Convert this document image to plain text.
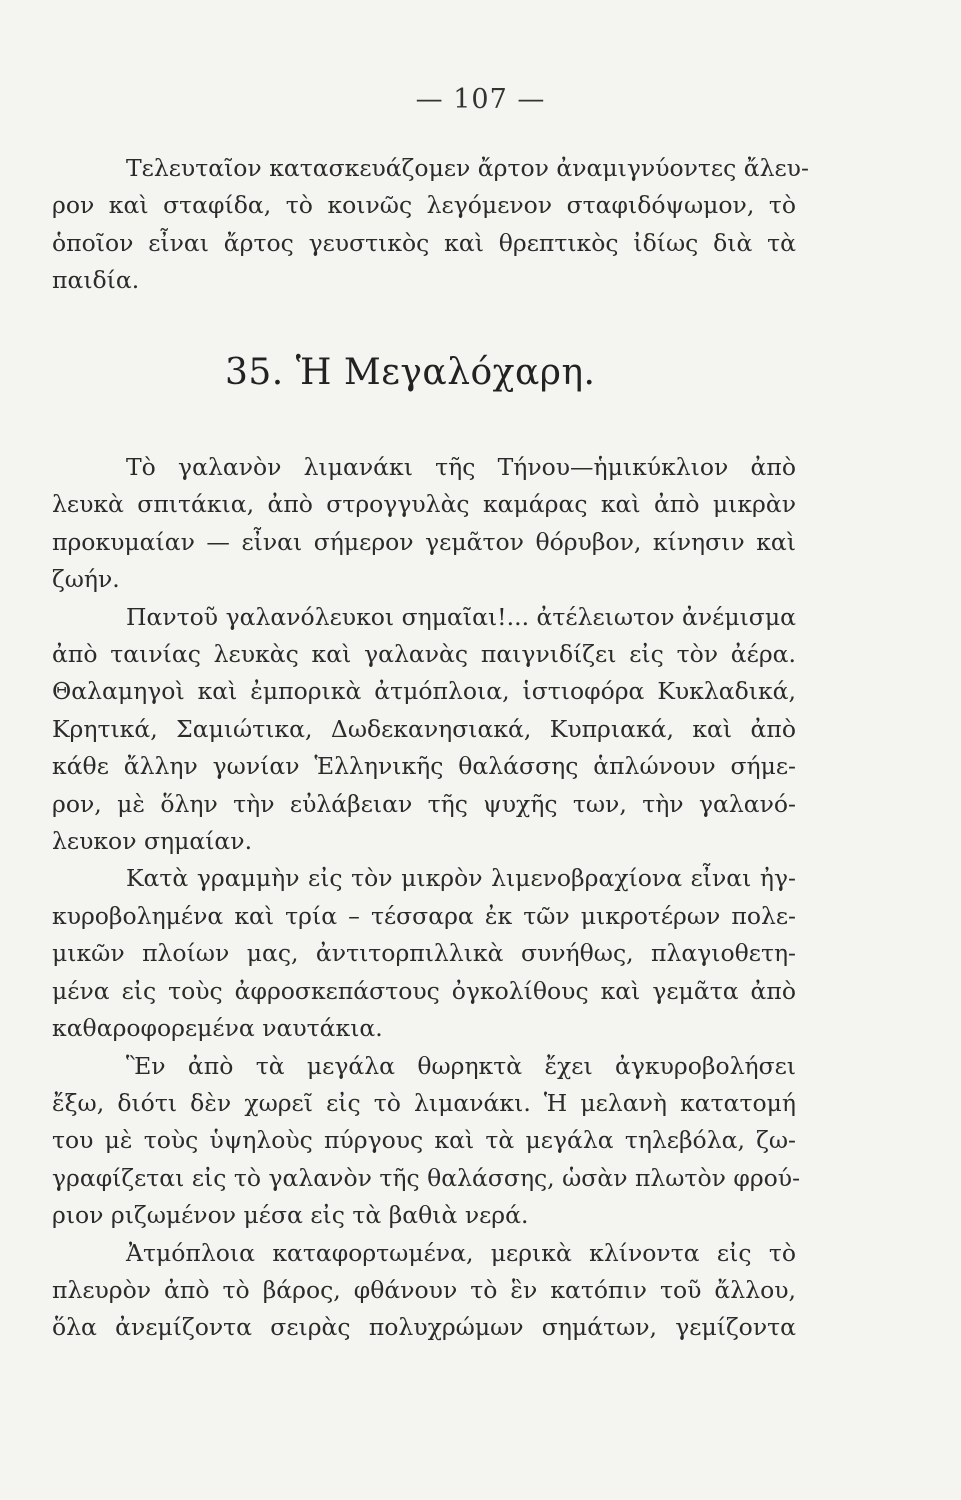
— 107 —
Τελευταῖον κατασκευάζομεν ἄρτον ἀναμιγνύοντες ἄλευ-
ρον καὶ σταφίδα, τὸ κοινῶς λεγόμενον σταφιδόψωμον, τὸ
ὁποῖον εἶναι ἄρτος γευστικὸς καὶ θρεπτικὸς ἰδίως διὰ τὰ
παιδία.
35. Ἡ Μεγαλόχαρη.
Τὸ γαλανὸν λιμανάκι τῆς Τήνου—ἡμικύκλιον ἀπὸ
λευκὰ σπιτάκια, ἀπὸ στρογγυλὰς καμάρας καὶ ἀπὸ μικρὰν
προκυμαίαν — εἶναι σήμερον γεμᾶτον θόρυβον, κίνησιν καὶ
ζωήν.
Παντοῦ γαλανόλευκοι σημαῖαι!... ἀτέλειωτον ἀνέμισμα
ἀπὸ ταινίας λευκὰς καὶ γαλανὰς παιγνιδίζει εἰς τὸν ἀέρα.
Θαλαμηγοὶ καὶ ἐμπορικὰ ἀτμόπλοια, ἱστιοφόρα Κυκλαδικά,
Κρητικά, Σαμιώτικα, Δωδεκανησιακά, Κυπριακά, καὶ ἀπὸ
κάθε ἄλλην γωνίαν Ἑλληνικῆς θαλάσσης ἁπλώνουν σήμε-
ρον, μὲ ὅλην τὴν εὐλάβειαν τῆς ψυχῆς των, τὴν γαλανό-
λευκον σημαίαν.
Κατὰ γραμμὴν εἰς τὸν μικρὸν λιμενοβραχίονα εἶναι ἠγ-
κυροβολημένα καὶ τρία – τέσσαρα ἐκ τῶν μικροτέρων πολε-
μικῶν πλοίων μας, ἀντιτορπιλλικὰ συνήθως, πλαγιοθετη-
μένα εἰς τοὺς ἀφροσκεπάστους ὀγκολίθους καὶ γεμᾶτα ἀπὸ
καθαροφορεμένα ναυτάκια.
Ἓν ἀπὸ τὰ μεγάλα θωρηκτὰ ἔχει ἀγκυροβολήσει
ἔξω, διότι δὲν χωρεῖ εἰς τὸ λιμανάκι. Ἡ μελανὴ κατατομή
του μὲ τοὺς ὑψηλοὺς πύργους καὶ τὰ μεγάλα τηλεβόλα, ζω-
γραφίζεται εἰς τὸ γαλανὸν τῆς θαλάσσης, ὡσὰν πλωτὸν φρού-
ριον ριζωμένον μέσα εἰς τὰ βαθιὰ νερά.
Ἀτμόπλοια καταφορτωμένα, μερικὰ κλίνοντα εἰς τὸ
πλευρὸν ἀπὸ τὸ βάρος, φθάνουν τὸ ἓν κατόπιν τοῦ ἄλλου,
ὅλα ἀνεμίζοντα σειρὰς πολυχρώμων σημάτων, γεμίζοντα
